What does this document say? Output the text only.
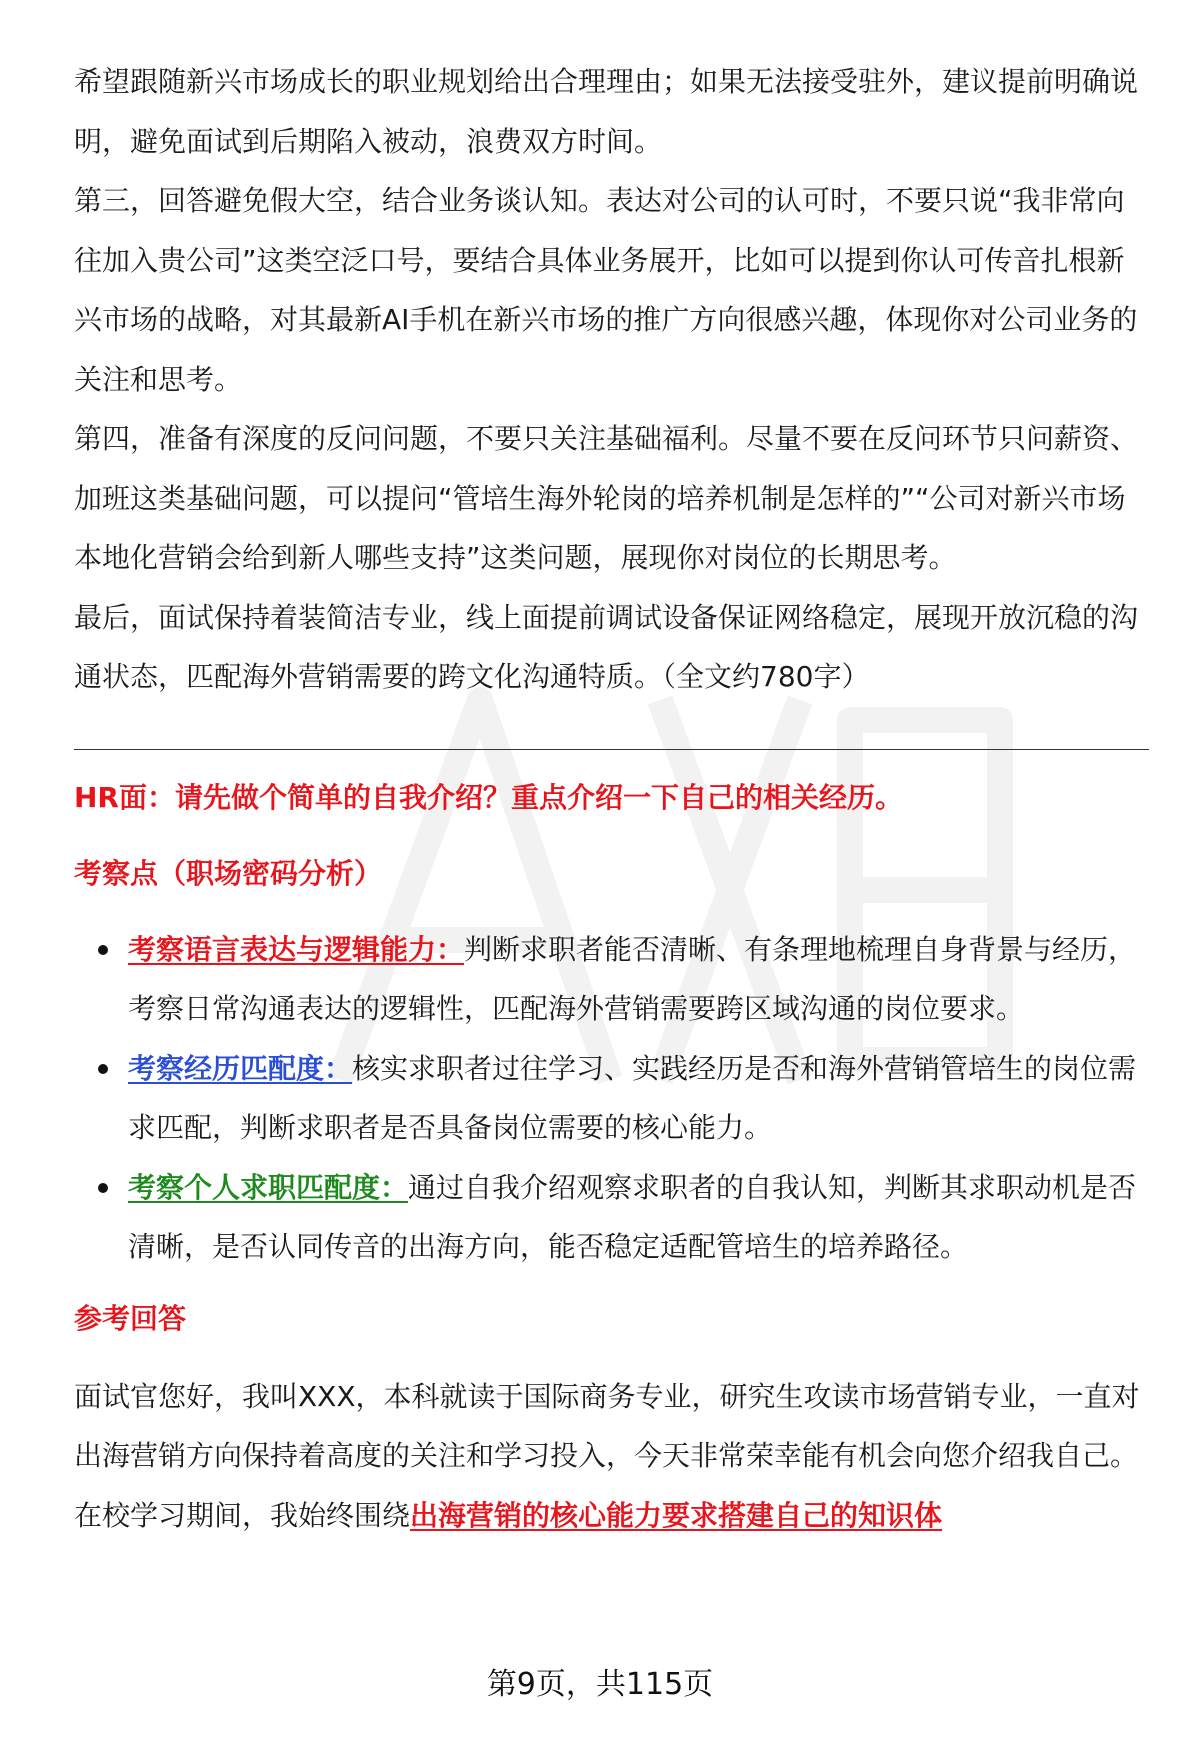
希望跟随新兴市场成长的职业规划给出合理理由；如果无法接受驻外，建议提前明确说明，避免面试到后期陷入被动，浪费双方时间。

第三，回答避免假大空，结合业务谈认知。表达对公司的认可时，不要只说“我非常向往加入贵公司”这类空泛口号，要结合具体业务展开，比如可以提到你认可传音扎根新兴市场的战略，对其最新AI手机在新兴市场的推广方向很感兴趣，体现你对公司业务的关注和思考。

第四，准备有深度的反问问题，不要只关注基础福利。尽量不要在反问环节只问薪资、加班这类基础问题，可以提问“管培生海外轮岗的培养机制是怎样的”“公司对新兴市场本地化营销会给到新人哪些支持”这类问题，展现你对岗位的长期思考。

最后，面试保持着装简洁专业，线上面提前调试设备保证网络稳定，展现开放沉稳的沟通状态，匹配海外营销需要的跨文化沟通特质。（全文约780字）

HR面：请先做个简单的自我介绍？重点介绍一下自己的相关经历。
考察点（职场密码分析）
考察语言表达与逻辑能力：判断求职者能否清晰、有条理地梳理自身背景与经历，考察日常沟通表达的逻辑性，匹配海外营销需要跨区域沟通的岗位要求。
考察经历匹配度：核实求职者过往学习、实践经历是否和海外营销管培生的岗位需求匹配，判断求职者是否具备岗位需要的核心能力。
考察个人求职匹配度：通过自我介绍观察求职者的自我认知，判断其求职动机是否清晰，是否认同传音的出海方向，能否稳定适配管培生的培养路径。
参考回答

面试官您好，我叫XXX，本科就读于国际商务专业，研究生攻读市场营销专业，一直对出海营销方向保持着高度的关注和学习投入，今天非常荣幸能有机会向您介绍我自己。在校学习期间，我始终围绕出海营销的核心能力要求搭建自己的知识体

第9页，共115页
